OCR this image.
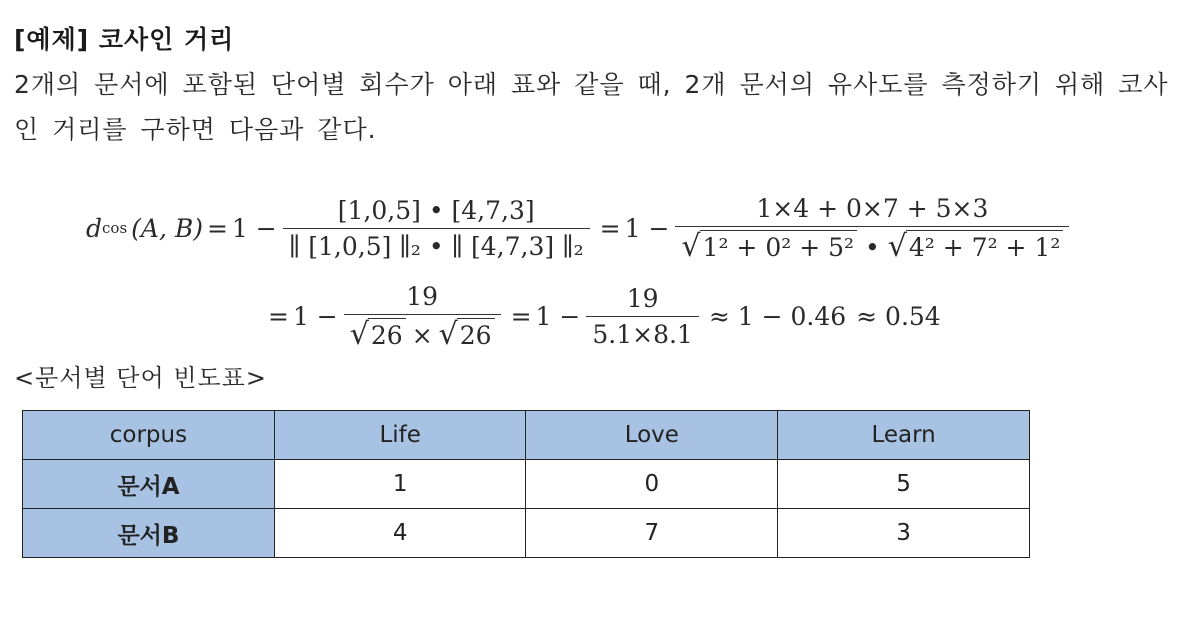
[예제] 코사인 거리
2개의 문서에 포함된 단어별 회수가 아래 표와 같을 때, 2개 문서의 유사도를 측정하기 위해 코사인 거리를 구하면 다음과 같다.
d cos (A, $B) = 1 - \frac{[1,0,5] • [4,7,3]}{\text{∥ [1,0,5] ∥₂ • ∥ [4,7,3] ∥₂}} = 1$ −
1×4 + 0×7 + 5×3
√ 1² + 0² + 5² • √ 4² + 7² + 1²
= $1 - \frac{19}{√ 26 \times √ 26} = 1 - \frac{19}{5.1\times 8.1} \approx 1 - 0.46 \approx 0.54$
<문서별 단어 빈도표>
corpus	Life	Love	Learn
문서A	1	0	5
문서B	4	7	3
